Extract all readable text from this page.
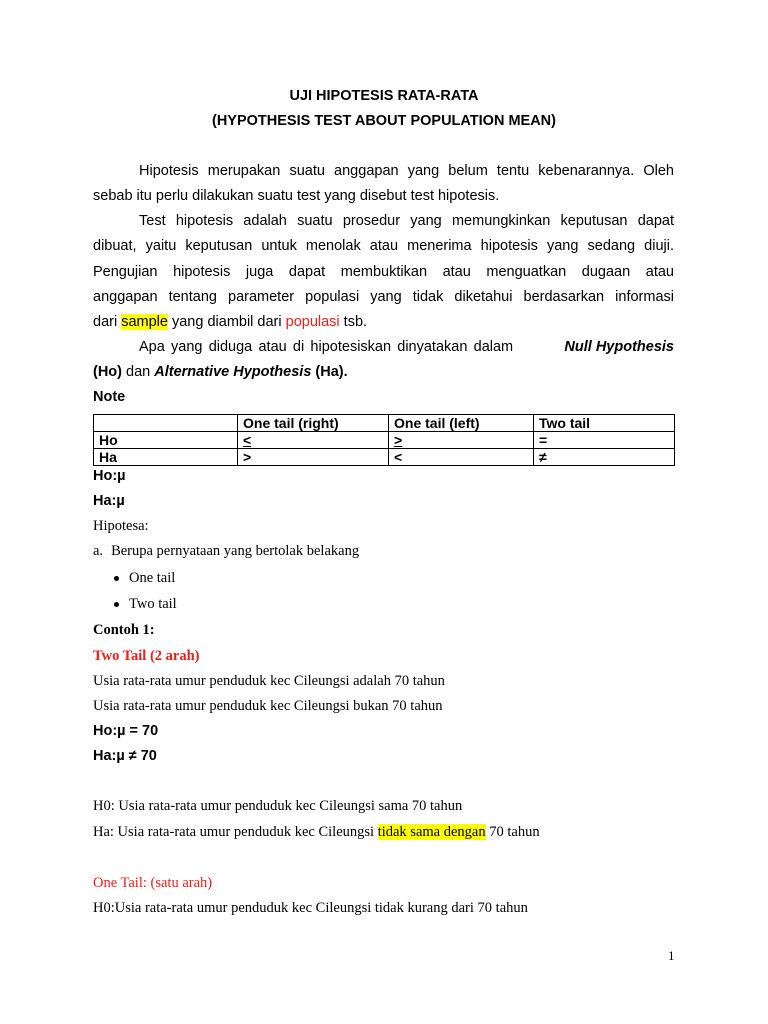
UJI HIPOTESIS RATA-RATA
(HYPOTHESIS TEST ABOUT POPULATION MEAN)
Hipotesis merupakan suatu anggapan yang belum tentu kebenarannya. Oleh
sebab itu perlu dilakukan suatu test yang disebut test hipotesis.
Test hipotesis adalah suatu prosedur yang memungkinkan keputusan dapat
dibuat, yaitu keputusan untuk menolak atau menerima hipotesis yang sedang diuji.
Pengujian hipotesis juga dapat membuktikan atau menguatkan dugaan atau
anggapan tentang parameter populasi yang tidak diketahui berdasarkan informasi
dari sample yang diambil dari populasi tsb.
Apa yang diduga atau di hipotesiskan dinyatakan dalam	Null Hypothesis
(Ho) dan Alternative Hypothesis (Ha).
Note
	One tail (right)	One tail (left)	Two tail
Ho	<	>	=
Ha	>	<	≠
Ho:µ
Ha:µ
Hipotesa:
a. Berupa pernyataan yang bertolak belakang
One tail
Two tail
Contoh 1:
Two Tail (2 arah)
Usia rata-rata umur penduduk kec Cileungsi adalah 70 tahun
Usia rata-rata umur penduduk kec Cileungsi bukan 70 tahun
Ho:µ = 70
Ha:µ ≠ 70
H0: Usia rata-rata umur penduduk kec Cileungsi sama 70 tahun
Ha: Usia rata-rata umur penduduk kec Cileungsi tidak sama dengan 70 tahun
One Tail: (satu arah)
H0:Usia rata-rata umur penduduk kec Cileungsi tidak kurang dari 70 tahun
1
